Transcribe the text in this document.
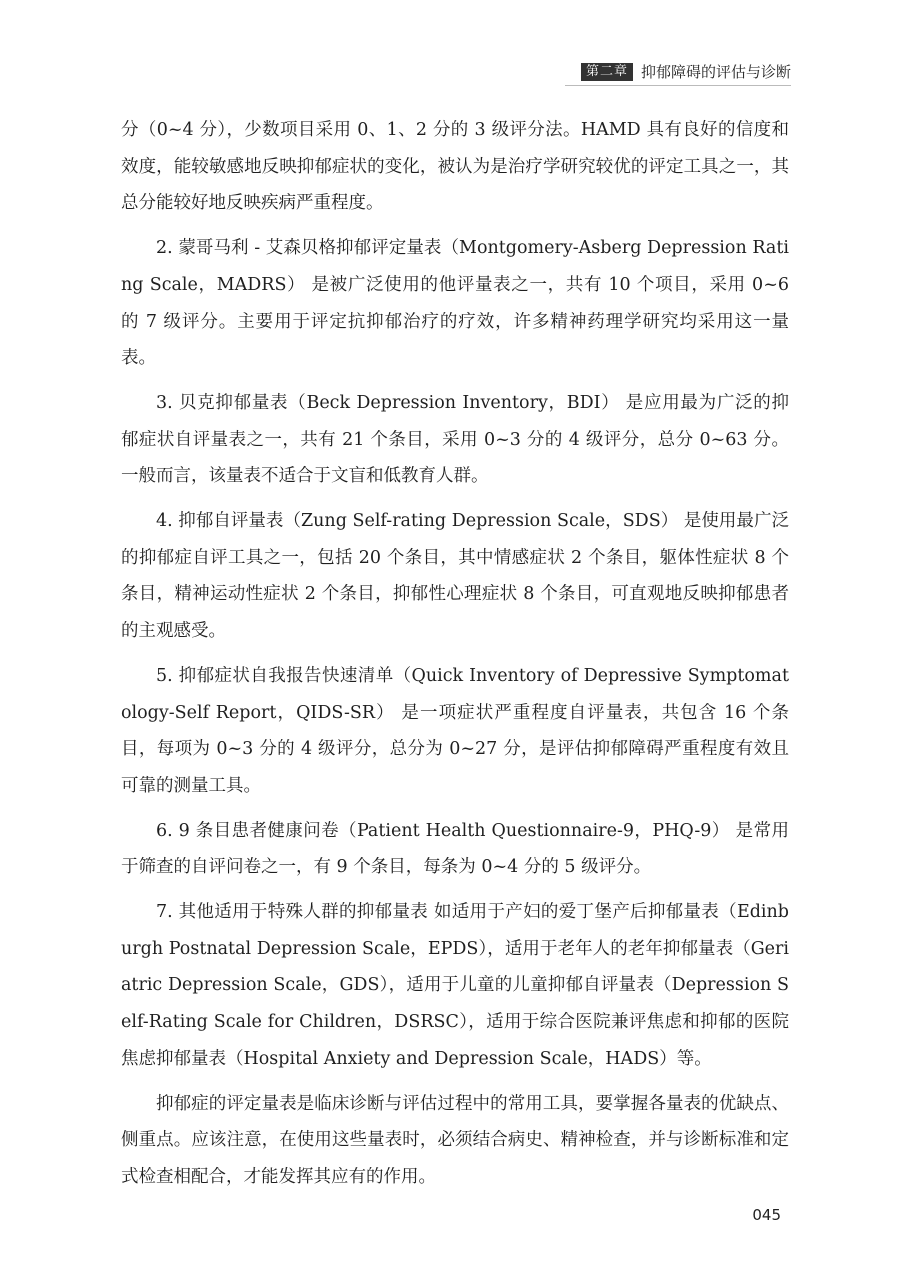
第二章 抑郁障碍的评估与诊断

分（0~4 分），少数项目采用 0、1、2 分的 3 级评分法。HAMD 具有良好的信度和效度，能较敏感地反映抑郁症状的变化，被认为是治疗学研究较优的评定工具之一，其总分能较好地反映疾病严重程度。

2. 蒙哥马利 - 艾森贝格抑郁评定量表（Montgomery-Asberg Depression Rating Scale，MADRS） 是被广泛使用的他评量表之一，共有 10 个项目，采用 0~6 的 7 级评分。主要用于评定抗抑郁治疗的疗效，许多精神药理学研究均采用这一量表。

3. 贝克抑郁量表（Beck Depression Inventory，BDI） 是应用最为广泛的抑郁症状自评量表之一，共有 21 个条目，采用 0~3 分的 4 级评分，总分 0~63 分。一般而言，该量表不适合于文盲和低教育人群。

4. 抑郁自评量表（Zung Self-rating Depression Scale，SDS） 是使用最广泛的抑郁症自评工具之一，包括 20 个条目，其中情感症状 2 个条目，躯体性症状 8 个条目，精神运动性症状 2 个条目，抑郁性心理症状 8 个条目，可直观地反映抑郁患者的主观感受。

5. 抑郁症状自我报告快速清单（Quick Inventory of Depressive Symptomatology-Self Report，QIDS-SR） 是一项症状严重程度自评量表，共包含 16 个条目，每项为 0~3 分的 4 级评分，总分为 0~27 分，是评估抑郁障碍严重程度有效且可靠的测量工具。

6. 9 条目患者健康问卷（Patient Health Questionnaire-9，PHQ-9） 是常用于筛查的自评问卷之一，有 9 个条目，每条为 0~4 分的 5 级评分。

7. 其他适用于特殊人群的抑郁量表 如适用于产妇的爱丁堡产后抑郁量表（Edinburgh Postnatal Depression Scale，EPDS），适用于老年人的老年抑郁量表（Geriatric Depression Scale，GDS），适用于儿童的儿童抑郁自评量表（Depression Self-Rating Scale for Children，DSRSC），适用于综合医院兼评焦虑和抑郁的医院焦虑抑郁量表（Hospital Anxiety and Depression Scale，HADS）等。

抑郁症的评定量表是临床诊断与评估过程中的常用工具，要掌握各量表的优缺点、侧重点。应该注意，在使用这些量表时，必须结合病史、精神检查，并与诊断标准和定式检查相配合，才能发挥其应有的作用。

045
